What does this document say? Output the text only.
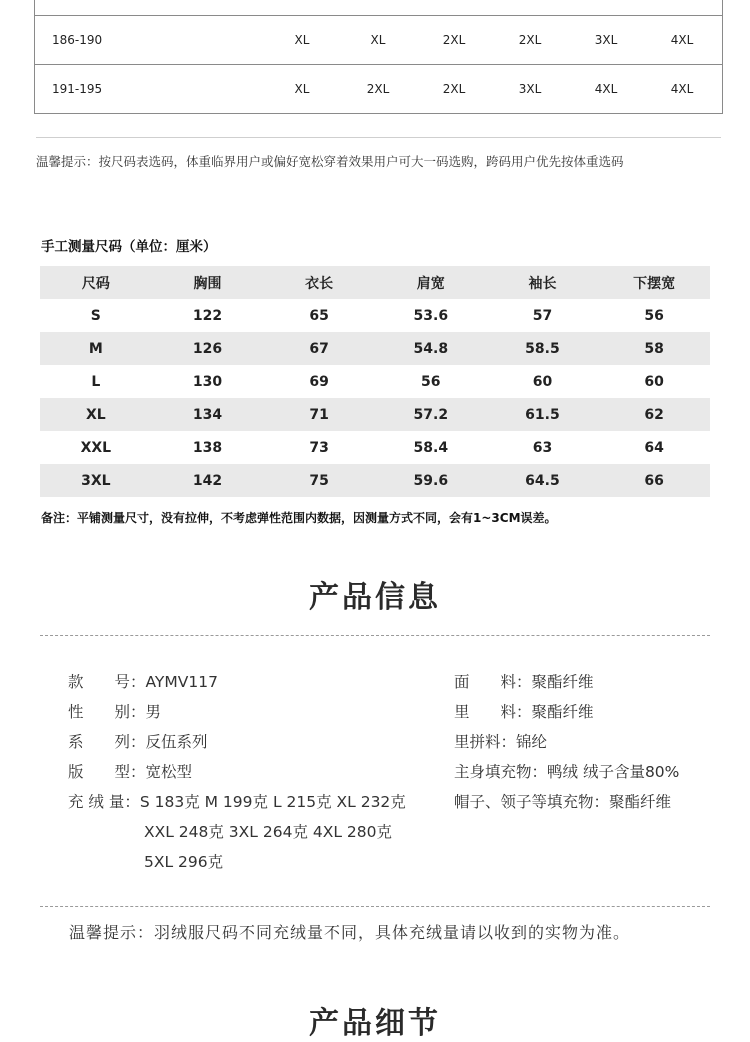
186-190	XL	XL	2XL	2XL	3XL	4XL
191-195	XL	2XL	2XL	3XL	4XL	4XL
温馨提示：按尺码表选码，体重临界用户或偏好宽松穿着效果用户可大一码选购，跨码用户优先按体重选码
手工测量尺码（单位：厘米）
尺码	胸围	衣长	肩宽	袖长	下摆宽
S	122	65	53.6	57	56
M	126	67	54.8	58.5	58
L	130	69	56	60	60
XL	134	71	57.2	61.5	62
XXL	138	73	58.4	63	64
3XL	142	75	59.6	64.5	66
备注：平铺测量尺寸，没有拉伸，不考虑弹性范围内数据，因测量方式不同，会有1~3CM误差。
产品信息
款　　号：AYMV117
性　　别：男
系　　列：反伍系列
版　　型：宽松型
充 绒 量：S 183克 M 199克 L 215克 XL 232克
XXL 248克 3XL 264克 4XL 280克
5XL 296克
面　　料：聚酯纤维
里　　料：聚酯纤维
里拼料：锦纶
主身填充物：鸭绒 绒子含量80%
帽子、领子等填充物：聚酯纤维
温馨提示：羽绒服尺码不同充绒量不同，具体充绒量请以收到的实物为准。
产品细节
